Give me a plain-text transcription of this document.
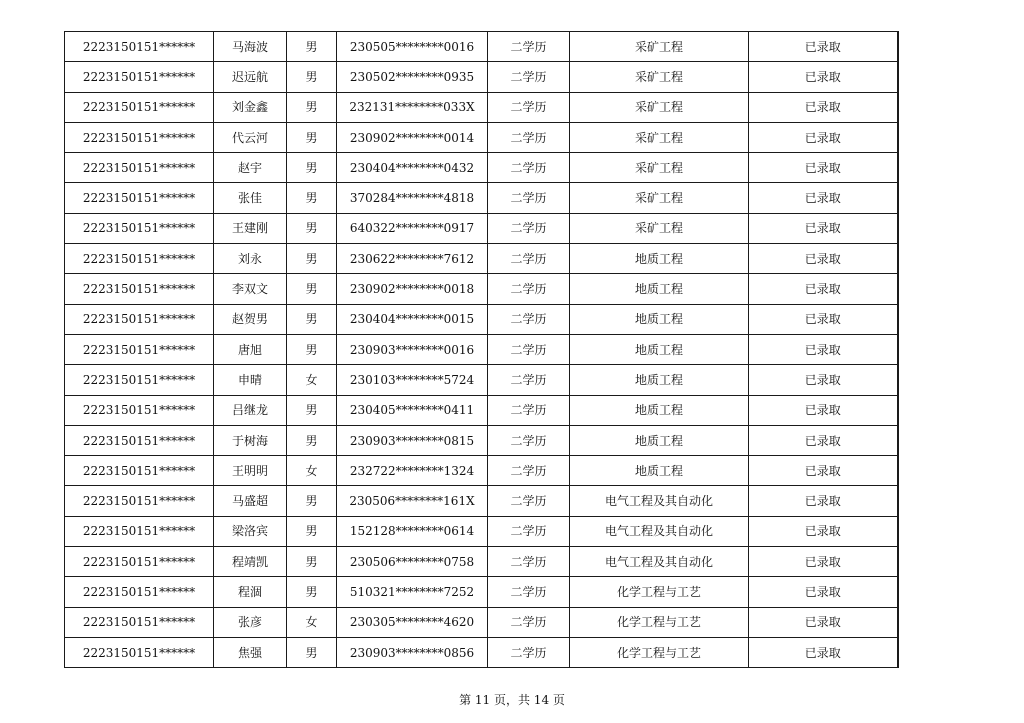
2223150151******	马海波	男	230505********0016	二学历	采矿工程	已录取
2223150151******	迟远航	男	230502********0935	二学历	采矿工程	已录取
2223150151******	刘金鑫	男	232131********033X	二学历	采矿工程	已录取
2223150151******	代云河	男	230902********0014	二学历	采矿工程	已录取
2223150151******	赵宇	男	230404********0432	二学历	采矿工程	已录取
2223150151******	张佳	男	370284********4818	二学历	采矿工程	已录取
2223150151******	王建刚	男	640322********0917	二学历	采矿工程	已录取
2223150151******	刘永	男	230622********7612	二学历	地质工程	已录取
2223150151******	李双文	男	230902********0018	二学历	地质工程	已录取
2223150151******	赵贺男	男	230404********0015	二学历	地质工程	已录取
2223150151******	唐旭	男	230903********0016	二学历	地质工程	已录取
2223150151******	申晴	女	230103********5724	二学历	地质工程	已录取
2223150151******	吕继龙	男	230405********0411	二学历	地质工程	已录取
2223150151******	于树海	男	230903********0815	二学历	地质工程	已录取
2223150151******	王明明	女	232722********1324	二学历	地质工程	已录取
2223150151******	马盛超	男	230506********161X	二学历	电气工程及其自动化	已录取
2223150151******	梁洛宾	男	152128********0614	二学历	电气工程及其自动化	已录取
2223150151******	程靖凯	男	230506********0758	二学历	电气工程及其自动化	已录取
2223150151******	程涸	男	510321********7252	二学历	化学工程与工艺	已录取
2223150151******	张彦	女	230305********4620	二学历	化学工程与工艺	已录取
2223150151******	焦强	男	230903********0856	二学历	化学工程与工艺	已录取
第 11 页，共 14 页
